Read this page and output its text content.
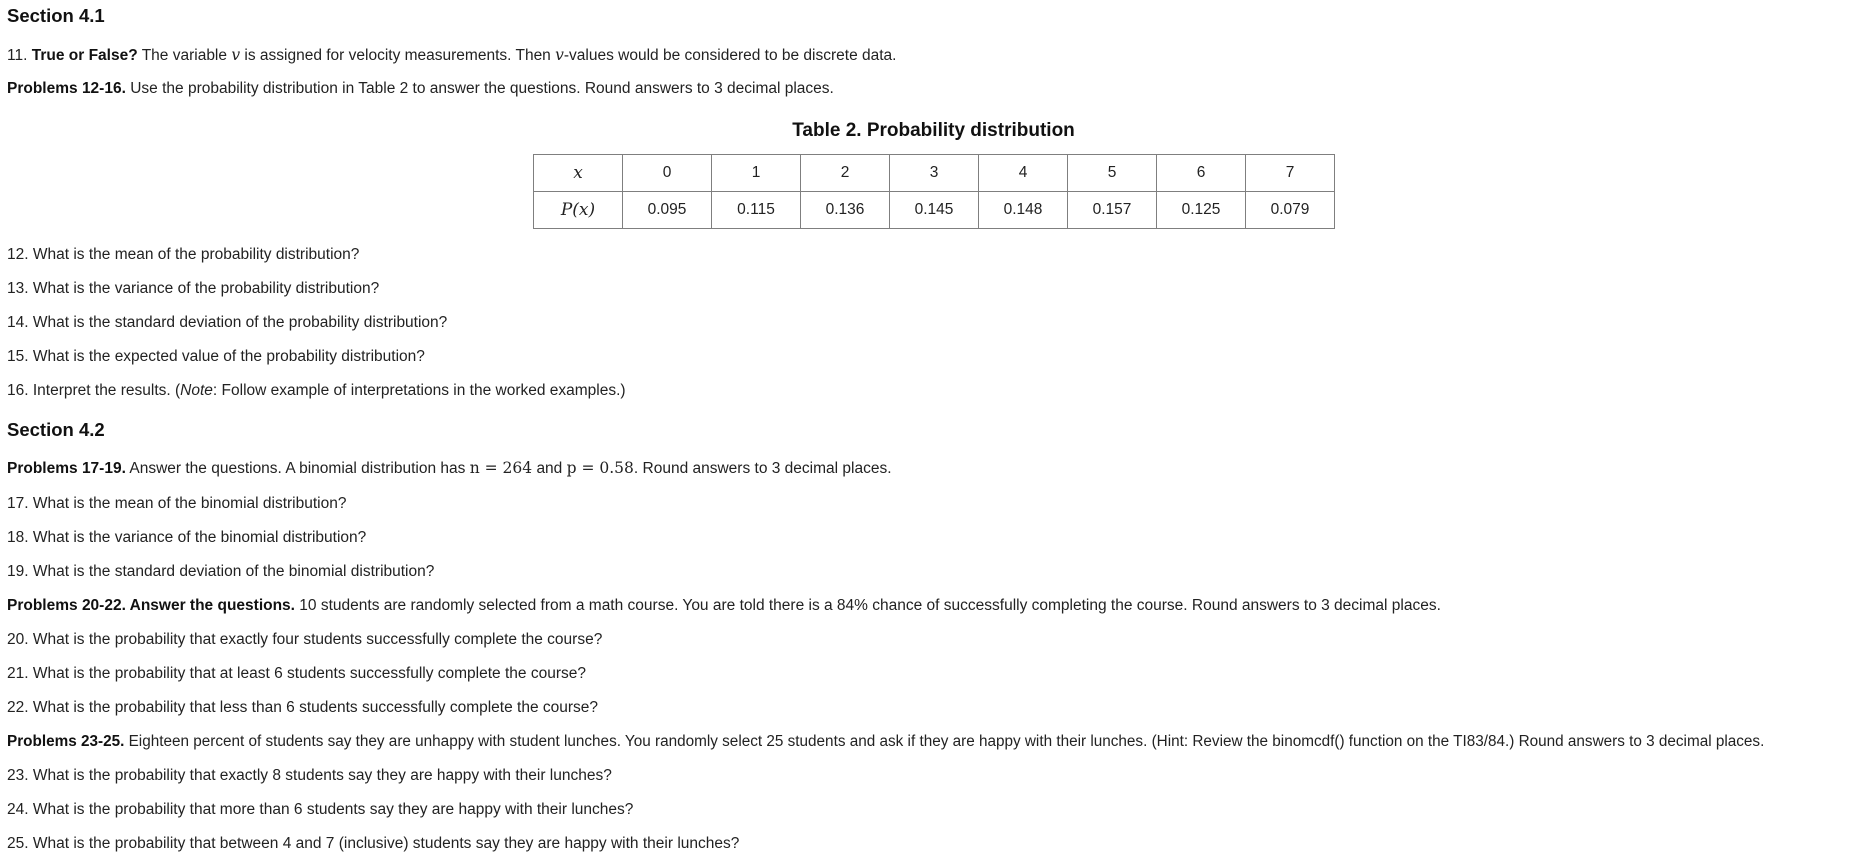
Section 4.1
11. True or False? The variable v is assigned for velocity measurements. Then v-values would be considered to be discrete data.
Problems 12-16. Use the probability distribution in Table 2 to answer the questions. Round answers to 3 decimal places.
Table 2. Probability distribution
x	0	1	2	3	4	5	6	7
P(x)	0.095	0.115	0.136	0.145	0.148	0.157	0.125	0.079
12. What is the mean of the probability distribution?
13. What is the variance of the probability distribution?
14. What is the standard deviation of the probability distribution?
15. What is the expected value of the probability distribution?
16. Interpret the results. (Note: Follow example of interpretations in the worked examples.)
Section 4.2
Problems 17-19. Answer the questions. A binomial distribution has n = 264 and p = 0.58. Round answers to 3 decimal places.
17. What is the mean of the binomial distribution?
18. What is the variance of the binomial distribution?
19. What is the standard deviation of the binomial distribution?
Problems 20-22. Answer the questions. 10 students are randomly selected from a math course. You are told there is a 84% chance of successfully completing the course. Round answers to 3 decimal places.
20. What is the probability that exactly four students successfully complete the course?
21. What is the probability that at least 6 students successfully complete the course?
22. What is the probability that less than 6 students successfully complete the course?
Problems 23-25. Eighteen percent of students say they are unhappy with student lunches. You randomly select 25 students and ask if they are happy with their lunches. (Hint: Review the binomcdf() function on the TI83/84.) Round answers to 3 decimal places.
23. What is the probability that exactly 8 students say they are happy with their lunches?
24. What is the probability that more than 6 students say they are happy with their lunches?
25. What is the probability that between 4 and 7 (inclusive) students say they are happy with their lunches?
